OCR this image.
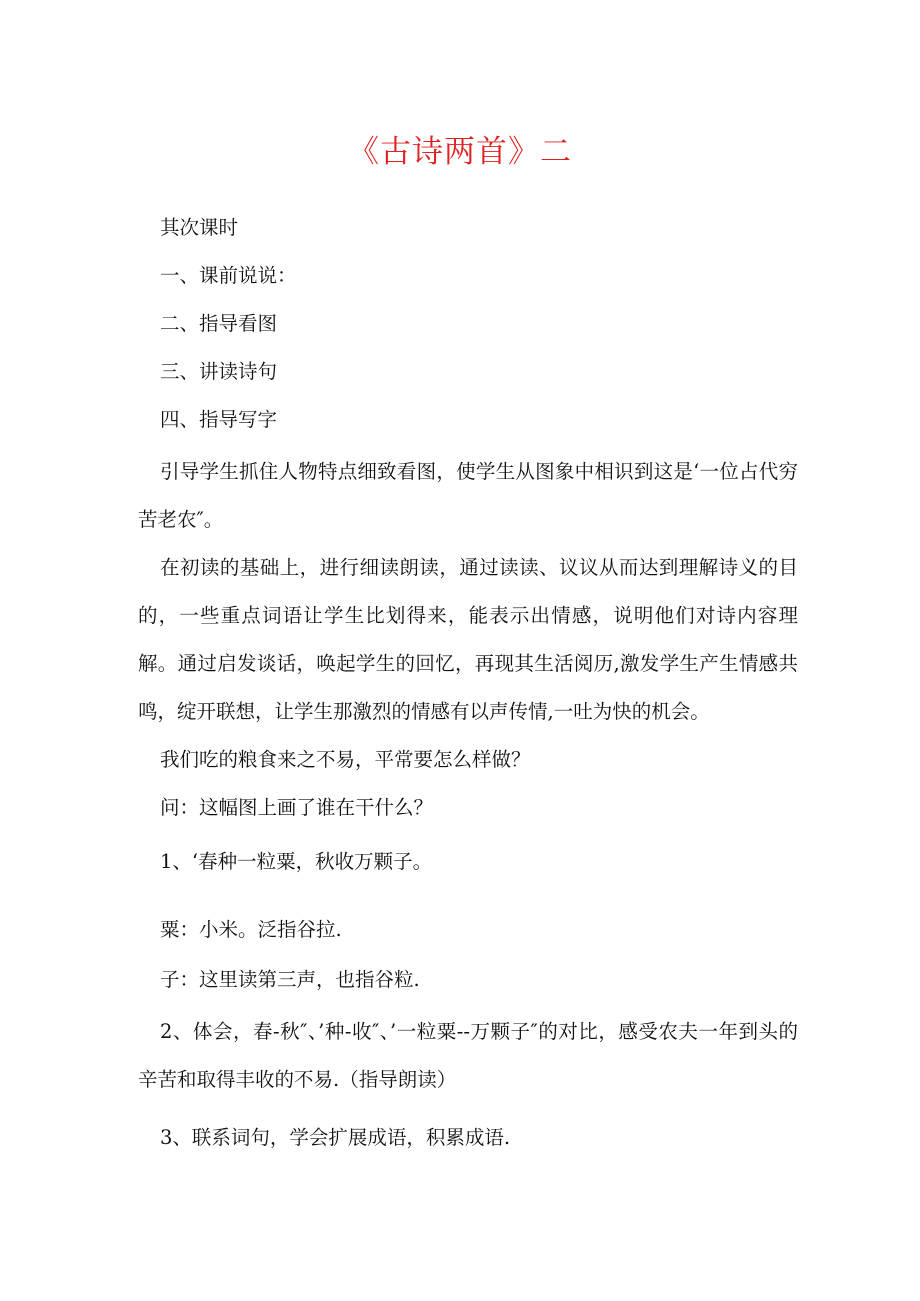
《古诗两首》二
其次课时
一、课前说说：
二、指导看图
三、讲读诗句
四、指导写字
引导学生抓住人物特点细致看图，使学生从图象中相识到这是‘一位占代穷苦老农″。
在初读的基础上，进行细读朗读，通过读读、议议从而达到理解诗义的目的，一些重点词语让学生比划得来，能表示出情感，说明他们对诗内容理解。通过启发谈话，唤起学生的回忆，再现其生活阅历,激发学生产生情感共鸣，绽开联想，让学生那激烈的情感有以声传情,一吐为快的机会。
我们吃的粮食来之不易，平常要怎么样做？
问：这幅图上画了谁在干什么？
1、‘春种一粒粟，秋收万颗子。
粟：小米。泛指谷拉.
子：这里读第三声，也指谷粒.
2、体会，春-秋″、’种-收″、’一粒粟--万颗子″的对比，感受农夫一年到头的辛苦和取得丰收的不易.（指导朗读）
3、联系词句，学会扩展成语，积累成语.
